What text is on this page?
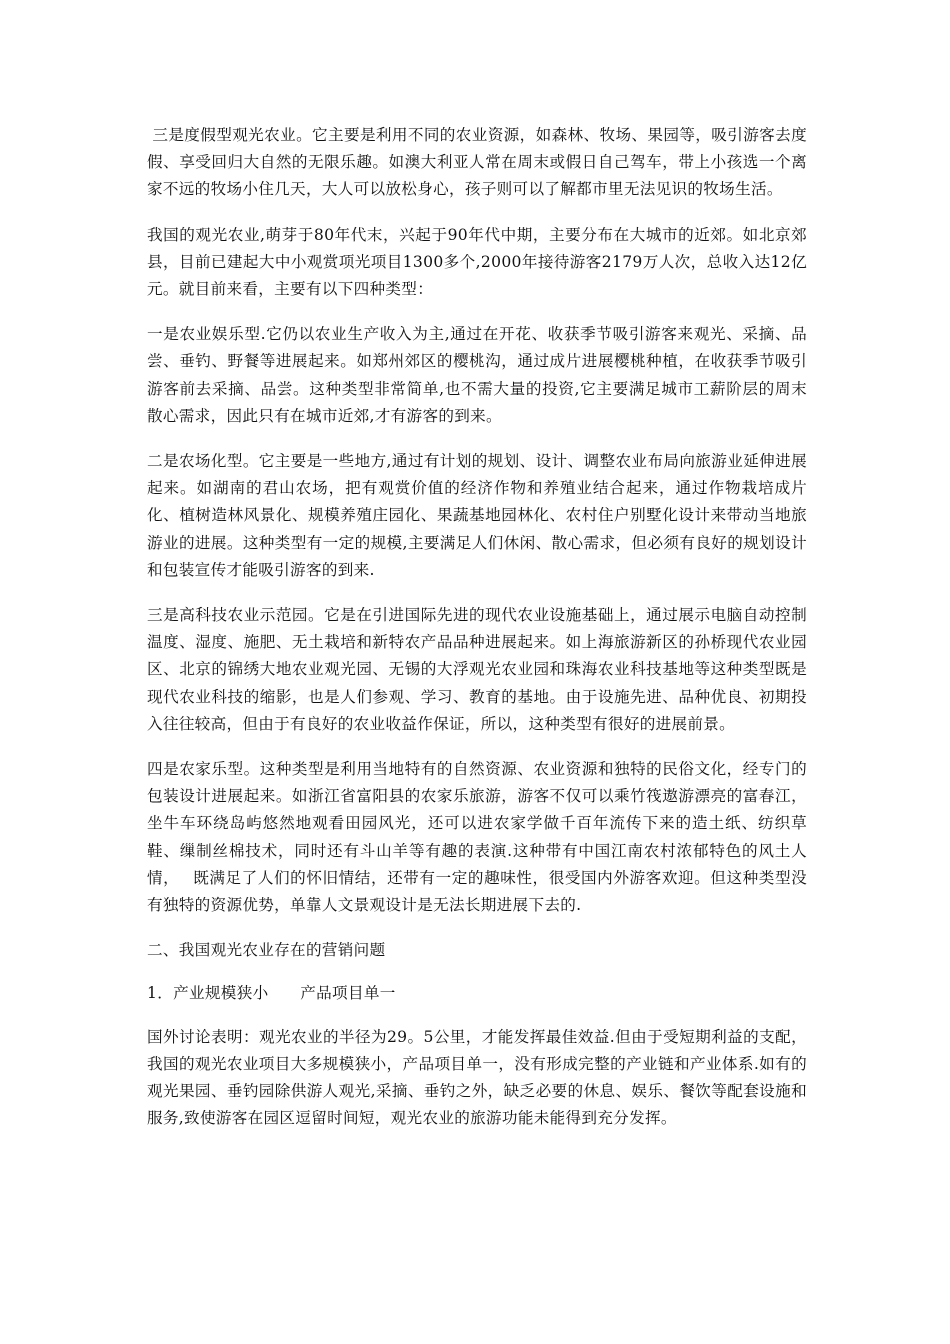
三是度假型观光农业。它主要是利用不同的农业资源，如森林、牧场、果园等，吸引游客去度假、享受回归大自然的无限乐趣。如澳大利亚人常在周末或假日自己驾车，带上小孩选一个离家不远的牧场小住几天，大人可以放松身心，孩子则可以了解都市里无法见识的牧场生活。

我国的观光农业,萌芽于80年代末，兴起于90年代中期，主要分布在大城市的近郊。如北京郊县，目前已建起大中小观赏项光项目1300多个,2000年接待游客2179万人次，总收入达12亿元。就目前来看，主要有以下四种类型：

一是农业娱乐型.它仍以农业生产收入为主,通过在开花、收获季节吸引游客来观光、采摘、品尝、垂钓、野餐等进展起来。如郑州郊区的樱桃沟，通过成片进展樱桃种植，在收获季节吸引游客前去采摘、品尝。这种类型非常简单,也不需大量的投资,它主要满足城市工薪阶层的周末散心需求，因此只有在城市近郊,才有游客的到来。

二是农场化型。它主要是一些地方,通过有计划的规划、设计、调整农业布局向旅游业延伸进展起来。如湖南的君山农场，把有观赏价值的经济作物和养殖业结合起来，通过作物栽培成片化、植树造林风景化、规模养殖庄园化、果蔬基地园林化、农村住户别墅化设计来带动当地旅游业的进展。这种类型有一定的规模,主要满足人们休闲、散心需求，但必须有良好的规划设计和包装宣传才能吸引游客的到来.

三是高科技农业示范园。它是在引进国际先进的现代农业设施基础上，通过展示电脑自动控制温度、湿度、施肥、无土栽培和新特农产品品种进展起来。如上海旅游新区的孙桥现代农业园区、北京的锦绣大地农业观光园、无锡的大浮观光农业园和珠海农业科技基地等这种类型既是现代农业科技的缩影，也是人们参观、学习、教育的基地。由于设施先进、品种优良、初期投入往往较高，但由于有良好的农业收益作保证，所以，这种类型有很好的进展前景。

四是农家乐型。这种类型是利用当地特有的自然资源、农业资源和独特的民俗文化，经专门的包装设计进展起来。如浙江省富阳县的农家乐旅游，游客不仅可以乘竹筏遨游漂亮的富春江，坐牛车环绕岛屿悠然地观看田园风光，还可以进农家学做千百年流传下来的造土纸、纺织草鞋、缫制丝棉技术，同时还有斗山羊等有趣的表演.这种带有中国江南农村浓郁特色的风土人情，　 既满足了人们的怀旧情结，还带有一定的趣味性，很受国内外游客欢迎。但这种类型没有独特的资源优势，单靠人文景观设计是无法长期进展下去的.

二、我国观光农业存在的营销问题

1．产业规模狭小　　产品项目单一

国外讨论表明：观光农业的半径为29。5公里，才能发挥最佳效益.但由于受短期利益的支配，我国的观光农业项目大多规模狭小，产品项目单一，没有形成完整的产业链和产业体系.如有的观光果园、垂钓园除供游人观光,采摘、垂钓之外，缺乏必要的休息、娱乐、餐饮等配套设施和服务,致使游客在园区逗留时间短，观光农业的旅游功能未能得到充分发挥。
